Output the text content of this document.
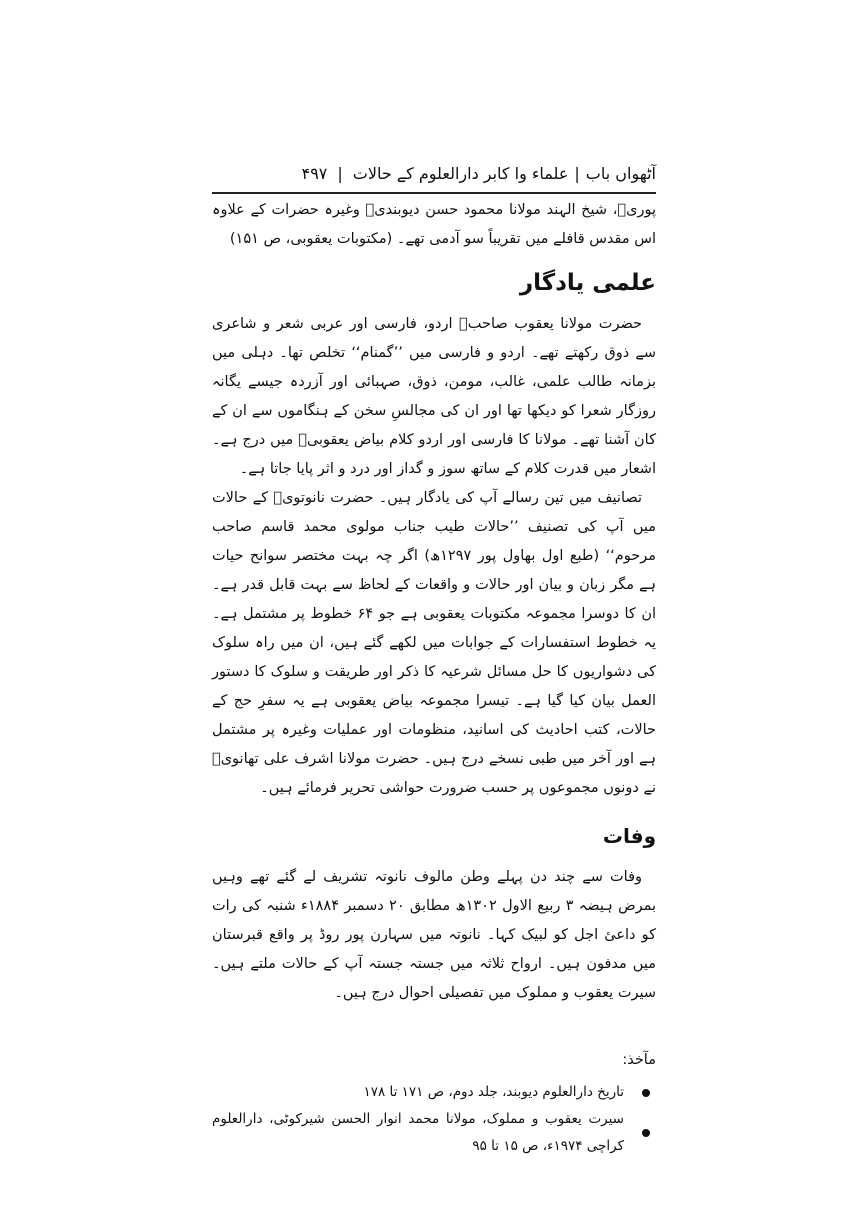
آٹھواں باب
|
علماء وا کابر دارالعلوم کے حالات
|
۴۹۷

پوریؒ، شیخ الہند مولانا محمود حسن دیوبندیؒ وغیرہ حضرات کے علاوہ اس مقدس قافلے میں تقریباً سو آدمی تھے۔ (مکتوبات یعقوبی، ص ۱۵۱)

علمی یادگار

حضرت مولانا یعقوب صاحبؒ اردو، فارسی اور عربی شعر و شاعری سے ذوق رکھتے تھے۔ اردو و فارسی میں ’’گمنام‘‘ تخلص تھا۔ دہلی میں بزمانہ طالب علمی، غالب، مومن، ذوق، صہبائی اور آزردہ جیسے یگانہ روزگار شعرا کو دیکھا تھا اور ان کی مجالسِ سخن کے ہنگاموں سے ان کے کان آشنا تھے۔ مولانا کا فارسی اور اردو کلام بیاض یعقوبیؒ میں درج ہے۔ اشعار میں قدرت کلام کے ساتھ سوز و گداز اور درد و اثر پایا جاتا ہے۔

تصانیف میں تین رسالے آپ کی یادگار ہیں۔ حضرت نانوتویؒ کے حالات میں آپ کی تصنیف ’’حالات طیب جناب مولوی محمد قاسم صاحب مرحوم‘‘ (طبع اول بھاول پور ۱۲۹۷ھ) اگر چہ بہت مختصر سوانح حیات ہے مگر زبان و بیان اور حالات و واقعات کے لحاظ سے بہت قابل قدر ہے۔ ان کا دوسرا مجموعہ مکتوبات یعقوبی ہے جو ۶۴ خطوط پر مشتمل ہے۔ یہ خطوط استفسارات کے جوابات میں لکھے گئے ہیں، ان میں راہ سلوک کی دشواریوں کا حل مسائل شرعیہ کا ذکر اور طریقت و سلوک کا دستور العمل بیان کیا گیا ہے۔ تیسرا مجموعہ بیاض یعقوبی ہے یہ سفرِ حج کے حالات، کتب احادیث کی اسانید، منظومات اور عملیات وغیرہ پر مشتمل ہے اور آخر میں طبی نسخے درج ہیں۔ حضرت مولانا اشرف علی تھانویؒ نے دونوں مجموعوں پر حسب ضرورت حواشی تحریر فرمائے ہیں۔

وفات

وفات سے چند دن پہلے وطن مالوف نانوتہ تشریف لے گئے تھے وہیں بمرض ہیضہ ۳ ربیع الاول ۱۳۰۲ھ مطابق ۲۰ دسمبر ۱۸۸۴ء شنبہ کی رات کو داعیٔ اجل کو لبیک کہا۔ نانوتہ میں سہارن پور روڈ پر واقع قبرستان میں مدفون ہیں۔ ارواح ثلاثہ میں جستہ جستہ آپ کے حالات ملتے ہیں۔ سیرت یعقوب و مملوک میں تفصیلی احوال درج ہیں۔

مآخذ:
تاریخ دارالعلوم دیوبند، جلد دوم، ص ۱۷۱ تا ۱۷۸
سیرت یعقوب و مملوک، مولانا محمد انوار الحسن شیرکوٹی، دارالعلوم کراچی ۱۹۷۴ء، ص ۱۵ تا ۹۵
